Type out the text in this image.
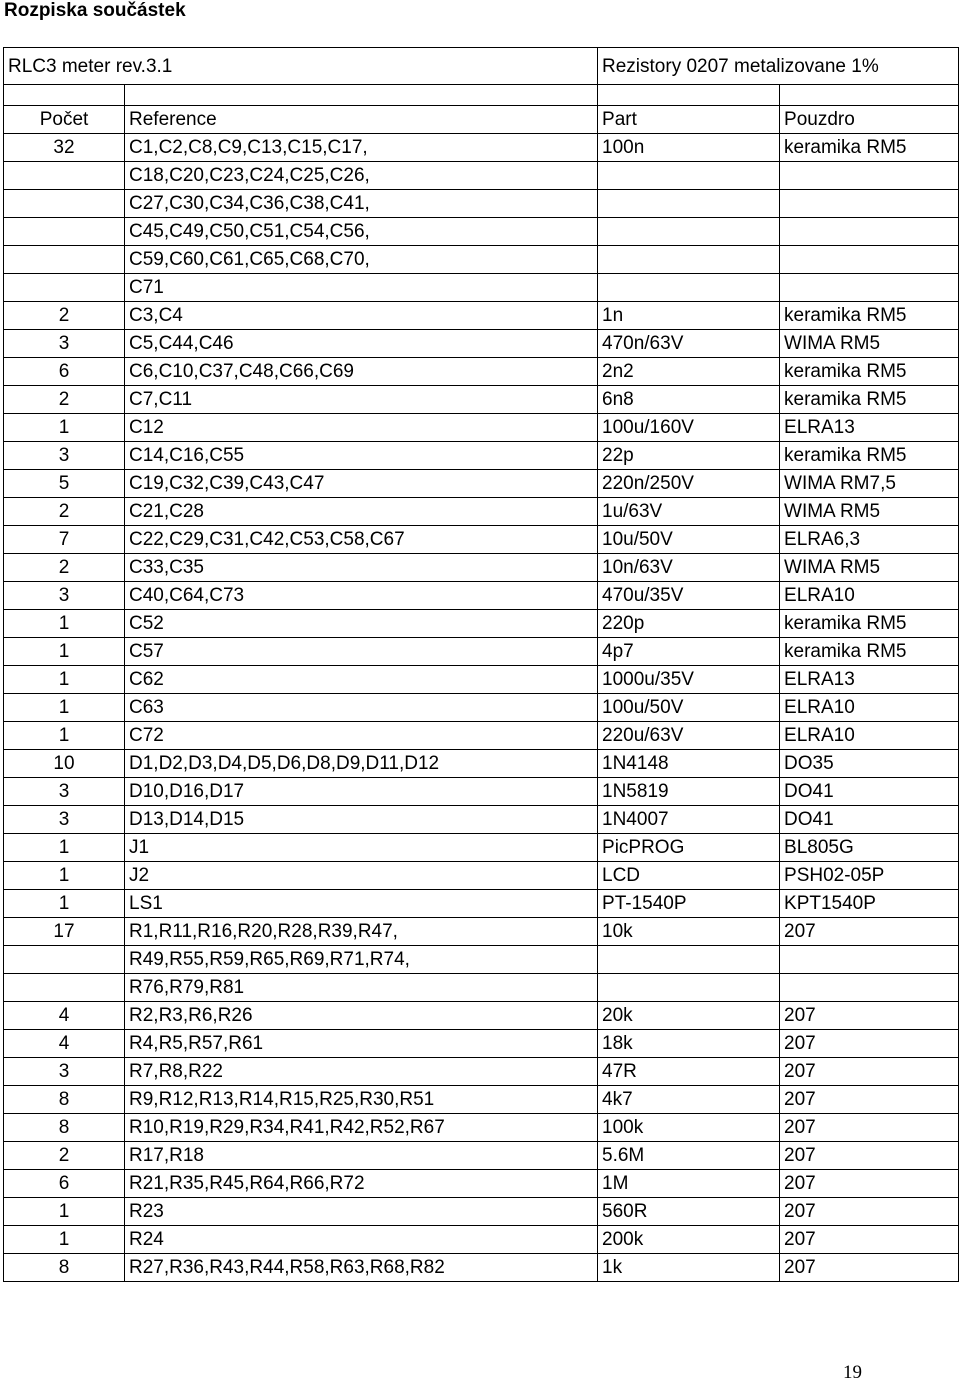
Rozpiska součástek
RLC3 meter rev.3.1		Rezistory 0207 metalizovane 1%	

Počet	Reference	Part	Pouzdro
32	C1,C2,C8,C9,C13,C15,C17,	100n	keramika RM5
	C18,C20,C23,C24,C25,C26,		
	C27,C30,C34,C36,C38,C41,		
	C45,C49,C50,C51,C54,C56,		
	C59,C60,C61,C65,C68,C70,		
	C71		
2	C3,C4	1n	keramika RM5
3	C5,C44,C46	470n/63V	WIMA RM5
6	C6,C10,C37,C48,C66,C69	2n2	keramika RM5
2	C7,C11	6n8	keramika RM5
1	C12	100u/160V	ELRA13
3	C14,C16,C55	22p	keramika RM5
5	C19,C32,C39,C43,C47	220n/250V	WIMA RM7,5
2	C21,C28	1u/63V	WIMA RM5
7	C22,C29,C31,C42,C53,C58,C67	10u/50V	ELRA6,3
2	C33,C35	10n/63V	WIMA RM5
3	C40,C64,C73	470u/35V	ELRA10
1	C52	220p	keramika RM5
1	C57	4p7	keramika RM5
1	C62	1000u/35V	ELRA13
1	C63	100u/50V	ELRA10
1	C72	220u/63V	ELRA10
10	D1,D2,D3,D4,D5,D6,D8,D9,D11,D12	1N4148	DO35
3	D10,D16,D17	1N5819	DO41
3	D13,D14,D15	1N4007	DO41
1	J1	PicPROG	BL805G
1	J2	LCD	PSH02-05P
1	LS1	PT-1540P	KPT1540P
17	R1,R11,R16,R20,R28,R39,R47,	10k	207
	R49,R55,R59,R65,R69,R71,R74,		
	R76,R79,R81		
4	R2,R3,R6,R26	20k	207
4	R4,R5,R57,R61	18k	207
3	R7,R8,R22	47R	207
8	R9,R12,R13,R14,R15,R25,R30,R51	4k7	207
8	R10,R19,R29,R34,R41,R42,R52,R67	100k	207
2	R17,R18	5.6M	207
6	R21,R35,R45,R64,R66,R72	1M	207
1	R23	560R	207
1	R24	200k	207
8	R27,R36,R43,R44,R58,R63,R68,R82	1k	207
19
